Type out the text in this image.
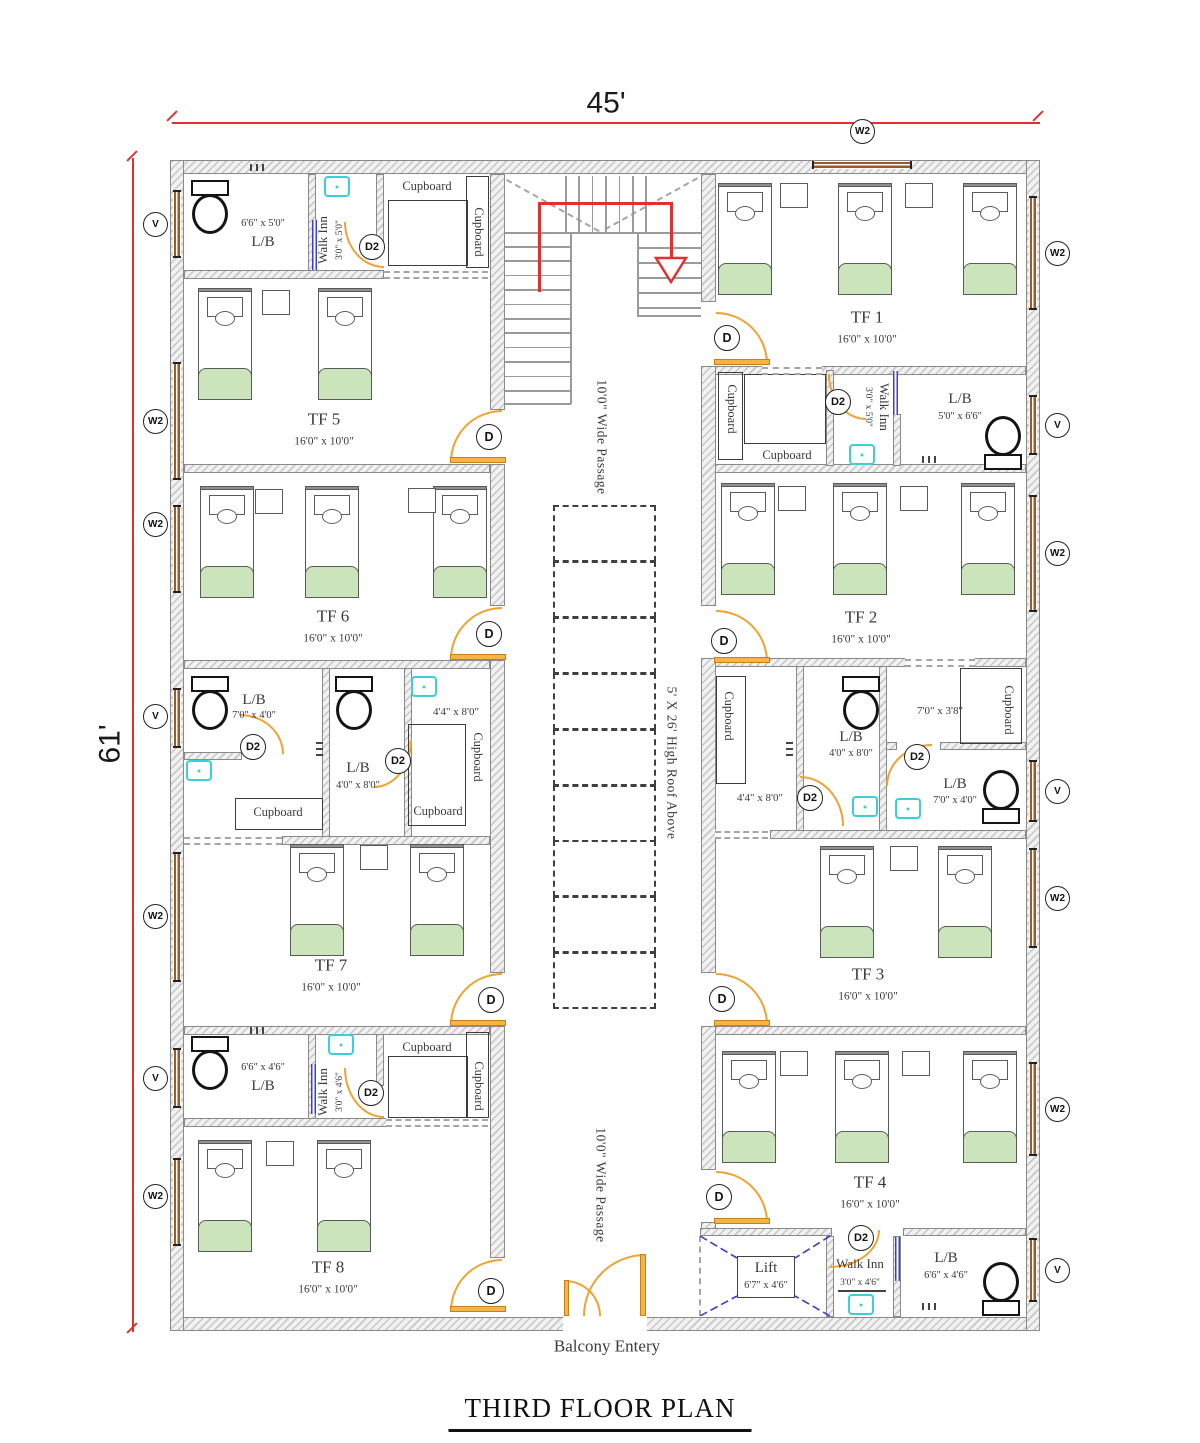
45'
61'
10'0" Wide Passage
10'0" Wide Passage
5' X 26' High Roof Above
Lift
6'7" x 4'6"
Balcony Entery
THIRD FLOOR PLAN
V
W2
W2
V
W2
V
W2
W2
V
W2
V
W2
W2
V
W2
D
D
D
D
D
D
D
D
D2
D2
D2
D2	D2
D2
D2
D2
Cupboard
Cupboard
Cupboard
Cupboard
Cupboard
Cupboard
Cupboard
Cupboard	Cupboard
Cupboard
Cupboard
TF 1
16'0" x 10'0"
TF 2
16'0" x 10'0"
TF 3
16'0" x 10'0"
TF 4
16'0" x 10'0"
TF 5
16'0" x 10'0"
TF 6
16'0" x 10'0"
TF 7
16'0" x 10'0"
TF 8
16'0" x 10'0"
L/B
6'6" x 5'0"
L/B
5'0" x 6'6"
L/B
7'0" x 4'0"
L/B
4'0" x 8'0"
L/B
4'0" x 8'0"
L/B
7'0" x 4'0"
L/B
6'6" x 4'6"
L/B
6'6" x 4'6"
Walk Inn 3'0" x 5'0"
Walk Inn
3'0" x 5'0"
Walk Inn 3'0" x 4'6"
Walk Inn
3'0" x 4'6"
4'4" x 8'0"
4'4" x 8'0"
7'0" x 3'8"
